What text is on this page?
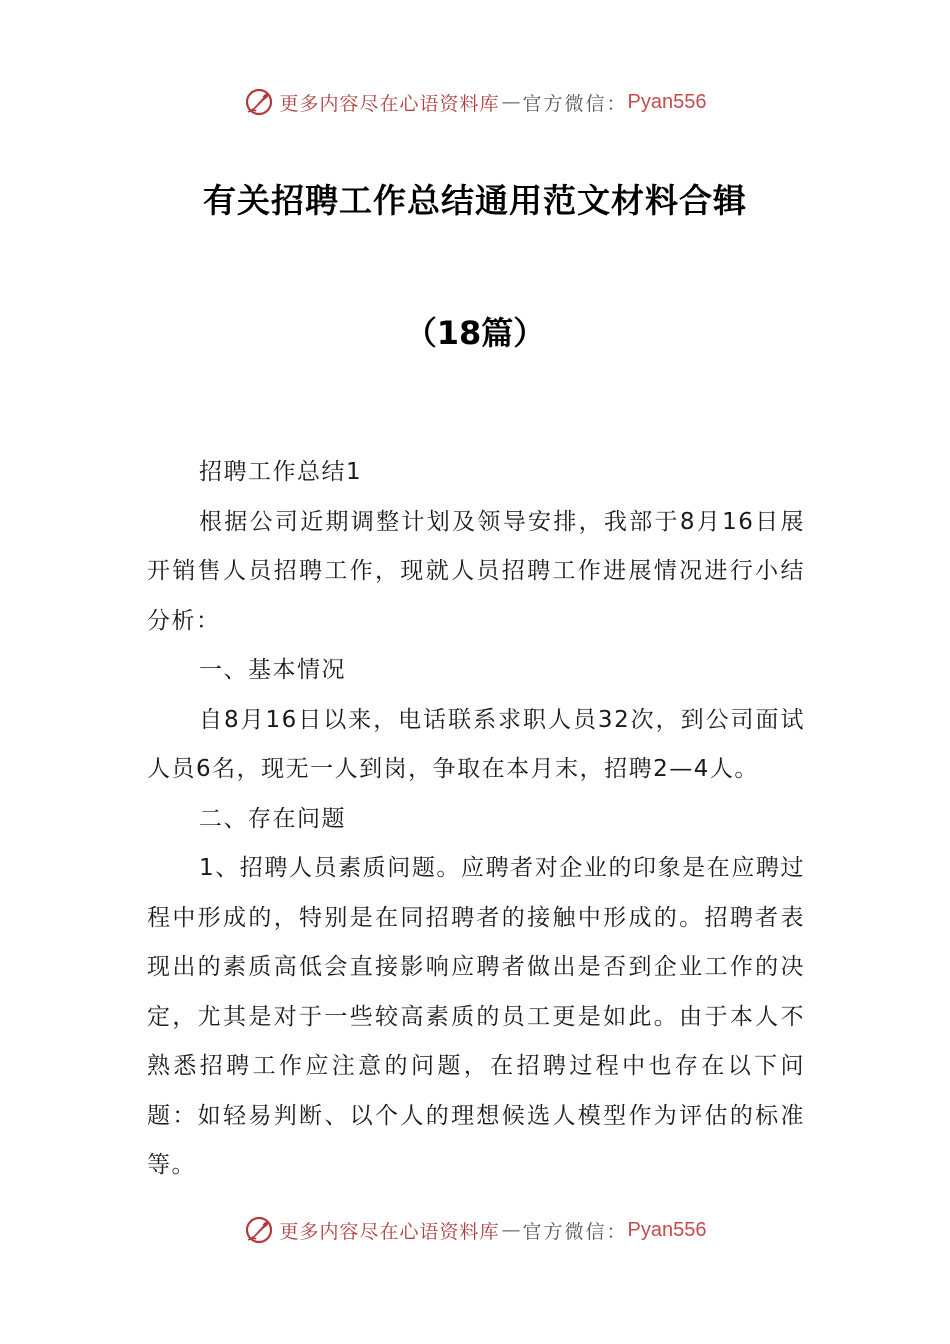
更多内容尽在心语资料库 — 官方微信： Pyan556
有关招聘工作总结通用范文材料合辑
（18篇）

招聘工作总结1

根据公司近期调整计划及领导安排，我部于8月16日展开销售人员招聘工作，现就人员招聘工作进展情况进行小结分析：

一、基本情况

自8月16日以来，电话联系求职人员32次，到公司面试人员6名，现无一人到岗，争取在本月末，招聘2—4人。

二、存在问题

1、招聘人员素质问题。应聘者对企业的印象是在应聘过程中形成的，特别是在同招聘者的接触中形成的。招聘者表现出的素质高低会直接影响应聘者做出是否到企业工作的决定，尤其是对于一些较高素质的员工更是如此。由于本人不熟悉招聘工作应注意的问题，在招聘过程中也存在以下问题：如轻易判断、以个人的理想候选人模型作为评估的标准等。

更多内容尽在心语资料库 — 官方微信： Pyan556
